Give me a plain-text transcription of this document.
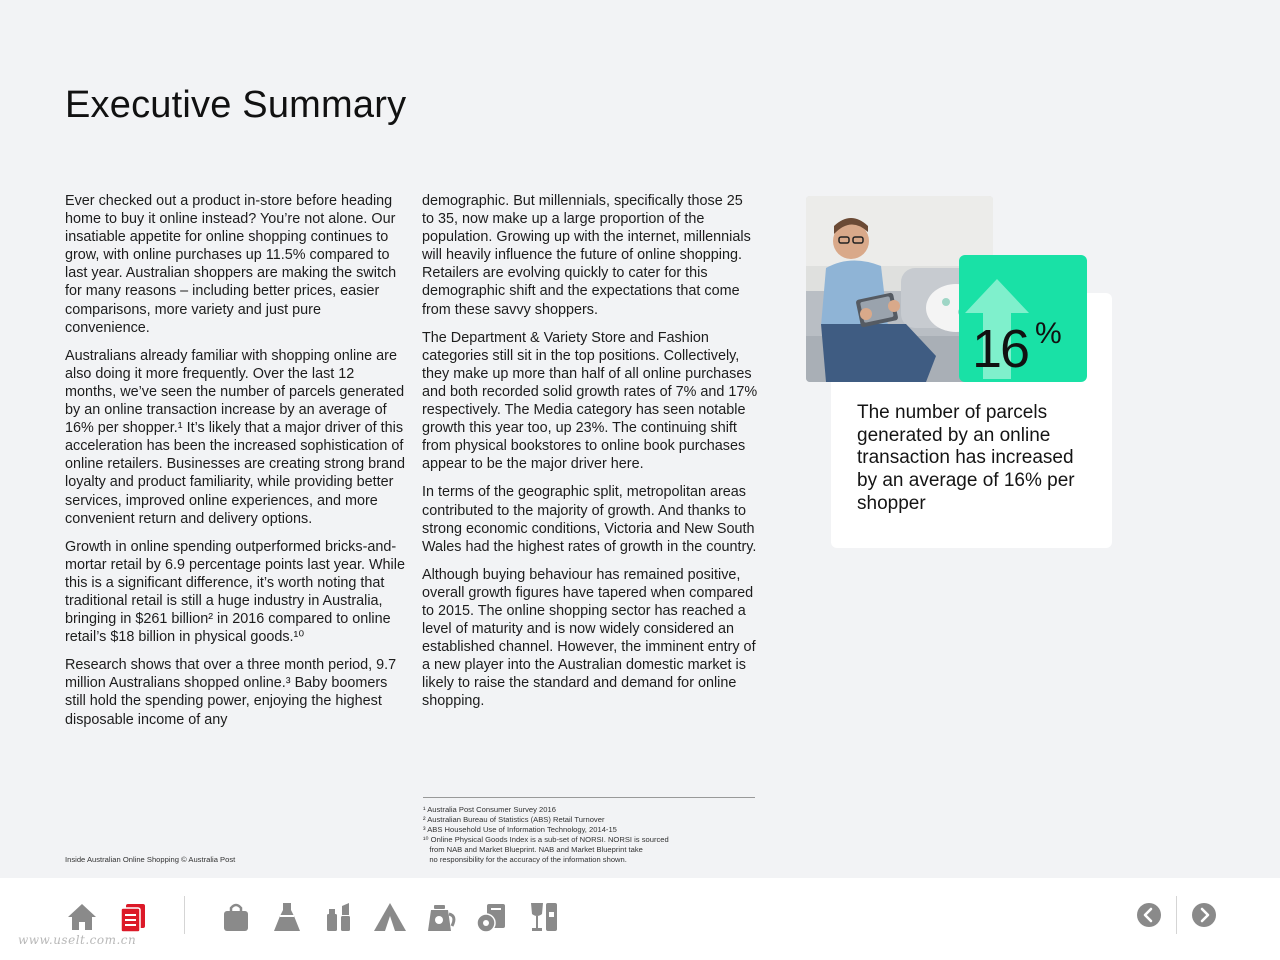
Executive Summary

Ever checked out a product in-store before heading home to buy it online instead? You’re not alone. Our insatiable appetite for online shopping continues to grow, with online purchases up 11.5% compared to last year. Australian shoppers are making the switch for many reasons – including better prices, easier comparisons, more variety and just pure convenience.

Australians already familiar with shopping online are also doing it more frequently. Over the last 12 months, we’ve seen the number of parcels generated by an online transaction increase by an average of 16% per shopper.¹ It’s likely that a major driver of this acceleration has been the increased sophistication of online retailers. Businesses are creating strong brand loyalty and product familiarity, while providing better services, improved online experiences, and more convenient return and delivery options.

Growth in online spending outperformed bricks-and-mortar retail by 6.9 percentage points last year. While this is a significant difference, it’s worth noting that traditional retail is still a huge industry in Australia, bringing in $261 billion² in 2016 compared to online retail’s $18 billion in physical goods.¹⁰

Research shows that over a three month period, 9.7 million Australians shopped online.³ Baby boomers still hold the spending power, enjoying the highest disposable income of any

demographic. But millennials, specifically those 25 to 35, now make up a large proportion of the population. Growing up with the internet, millennials will heavily influence the future of online shopping. Retailers are evolving quickly to cater for this demographic shift and the expectations that come from these savvy shoppers.

The Department & Variety Store and Fashion categories still sit in the top positions. Collectively, they make up more than half of all online purchases and both recorded solid growth rates of 7% and 17% respectively. The Media category has seen notable growth this year too, up 23%. The continuing shift from physical bookstores to online book purchases appear to be the major driver here.

In terms of the geographic split, metropolitan areas contributed to the majority of growth. And thanks to strong economic conditions, Victoria and New South Wales had the highest rates of growth in the country.

Although buying behaviour has remained positive, overall growth figures have tapered when compared to 2015. The online shopping sector has reached a level of maturity and is now widely considered an established channel. However, the imminent entry of a new player into the Australian domestic market is likely to raise the standard and demand for online shopping.

¹ Australia Post Consumer Survey 2016
² Australian Bureau of Statistics (ABS) Retail Turnover
³ ABS Household Use of Information Technology, 2014-15
¹⁰ Online Physical Goods Index is a sub-set of NORSI. NORSI is sourced
from NAB and Market Blueprint. NAB and Market Blueprint take
no responsibility for the accuracy of the information shown.
Inside Australian Online Shopping © Australia Post
The number of parcels generated by an online transaction has increased by an average of 16% per shopper
16 %
www.uselt.com.cn
